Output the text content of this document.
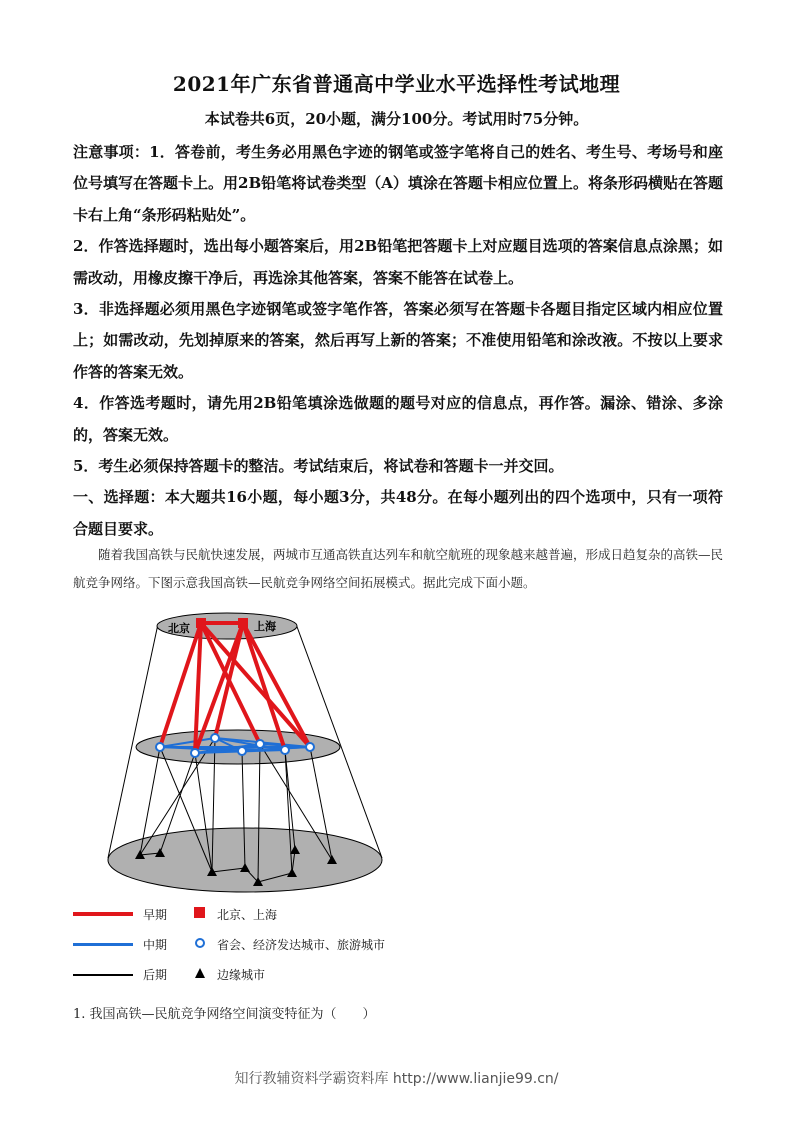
2021年广东省普通高中学业水平选择性考试地理
本试卷共6页，20小题，满分100分。考试用时75分钟。

注意事项：1．答卷前，考生务必用黑色字迹的钢笔或签字笔将自己的姓名、考生号、考场号和座位号填写在答题卡上。用2B铅笔将试卷类型（A）填涂在答题卡相应位置上。将条形码横贴在答题卡右上角“条形码粘贴处”。

2．作答选择题时，选出每小题答案后，用2B铅笔把答题卡上对应题目选项的答案信息点涂黑；如需改动，用橡皮擦干净后，再选涂其他答案，答案不能答在试卷上。

3．非选择题必须用黑色字迹钢笔或签字笔作答，答案必须写在答题卡各题目指定区域内相应位置上；如需改动，先划掉原来的答案，然后再写上新的答案；不准使用铅笔和涂改液。不按以上要求作答的答案无效。

4．作答选考题时，请先用2B铅笔填涂选做题的题号对应的信息点，再作答。漏涂、错涂、多涂的，答案无效。

5．考生必须保持答题卡的整洁。考试结束后，将试卷和答题卡一并交回。

一、选择题：本大题共16小题，每小题3分，共48分。在每小题列出的四个选项中，只有一项符合题目要求。

随着我国高铁与民航快速发展，两城市互通高铁直达列车和航空航班的现象越来越普遍，形成日趋复杂的高铁—民航竞争网络。下图示意我国高铁—民航竞争网络空间拓展模式。据此完成下面小题。
北京	上海
早期	北京、上海
中期	省会、经济发达城市、旅游城市
后期	边缘城市
1. 我国高铁—民航竞争网络空间演变特征为（　　）
知行教辅资料学霸资料库 http://www.lianjie99.cn/
